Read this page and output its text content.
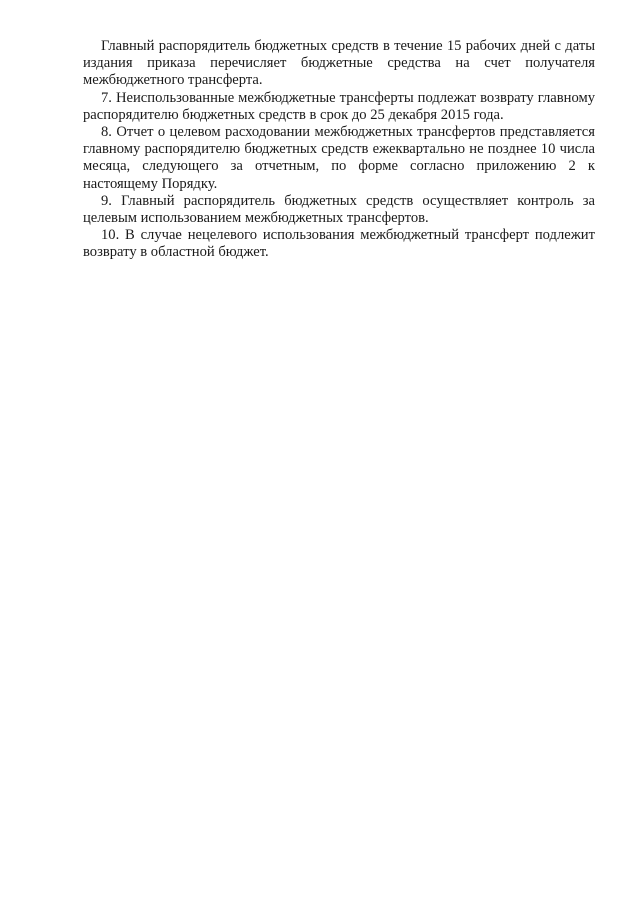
Главный распорядитель бюджетных средств в течение 15 рабочих дней с даты издания приказа перечисляет бюджетные средства на счет получателя межбюджетного трансферта.

7. Неиспользованные межбюджетные трансферты подлежат возврату главному распорядителю бюджетных средств в срок до 25 декабря 2015 года.

8. Отчет о целевом расходовании межбюджетных трансфертов представляется главному распорядителю бюджетных средств ежеквартально не позднее 10 числа месяца, следующего за отчетным, по форме согласно приложению 2 к настоящему Порядку.

9. Главный распорядитель бюджетных средств осуществляет контроль за целевым использованием межбюджетных трансфертов.

10. В случае нецелевого использования межбюджетный трансферт подлежит возврату в областной бюджет.
